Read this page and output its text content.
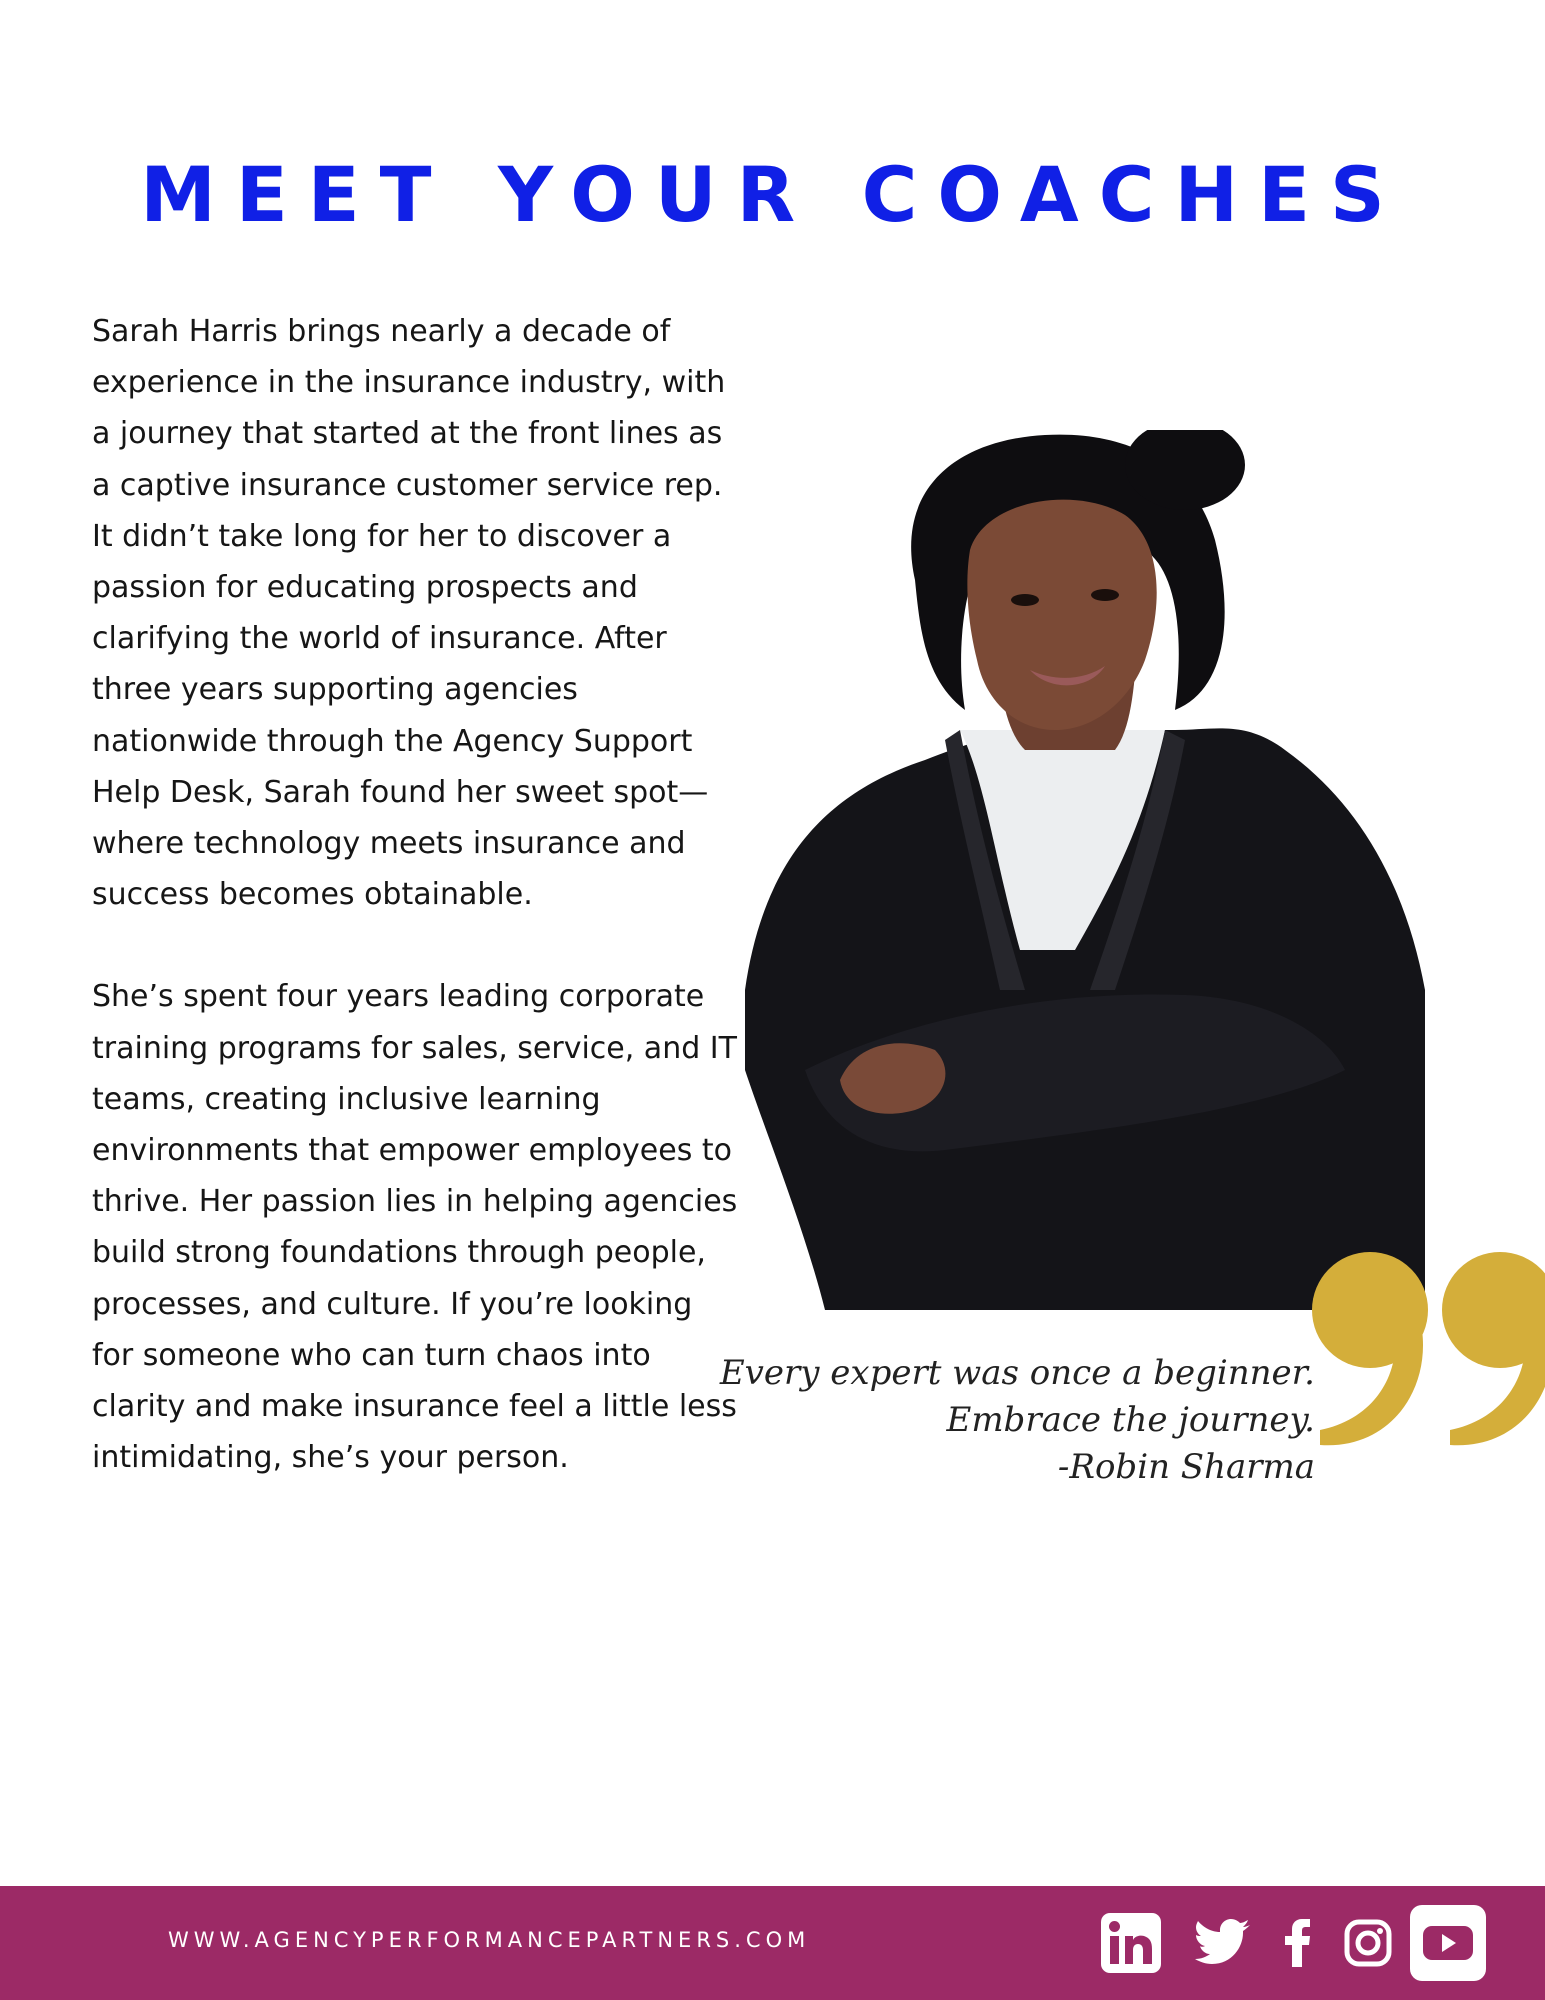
MEET YOUR COACHES

Sarah Harris brings nearly a decade of experience in the insurance industry, with a journey that started at the front lines as a captive insurance customer service rep. It didn’t take long for her to discover a passion for educating prospects and clarifying the world of insurance. After three years supporting agencies nationwide through the Agency Support Help Desk, Sarah found her sweet spot—where technology meets insurance and success becomes obtainable.

She’s spent four years leading corporate training programs for sales, service, and IT teams, creating inclusive learning environments that empower employees to thrive. Her passion lies in helping agencies build strong foundations through people, processes, and culture. If you’re looking for someone who can turn chaos into clarity and make insurance feel a little less intimidating, she’s your person.

Every expert was once a beginner.
Embrace the journey.
-Robin Sharma
WWW.AGENCYPERFORMANCEPARTNERS.COM
